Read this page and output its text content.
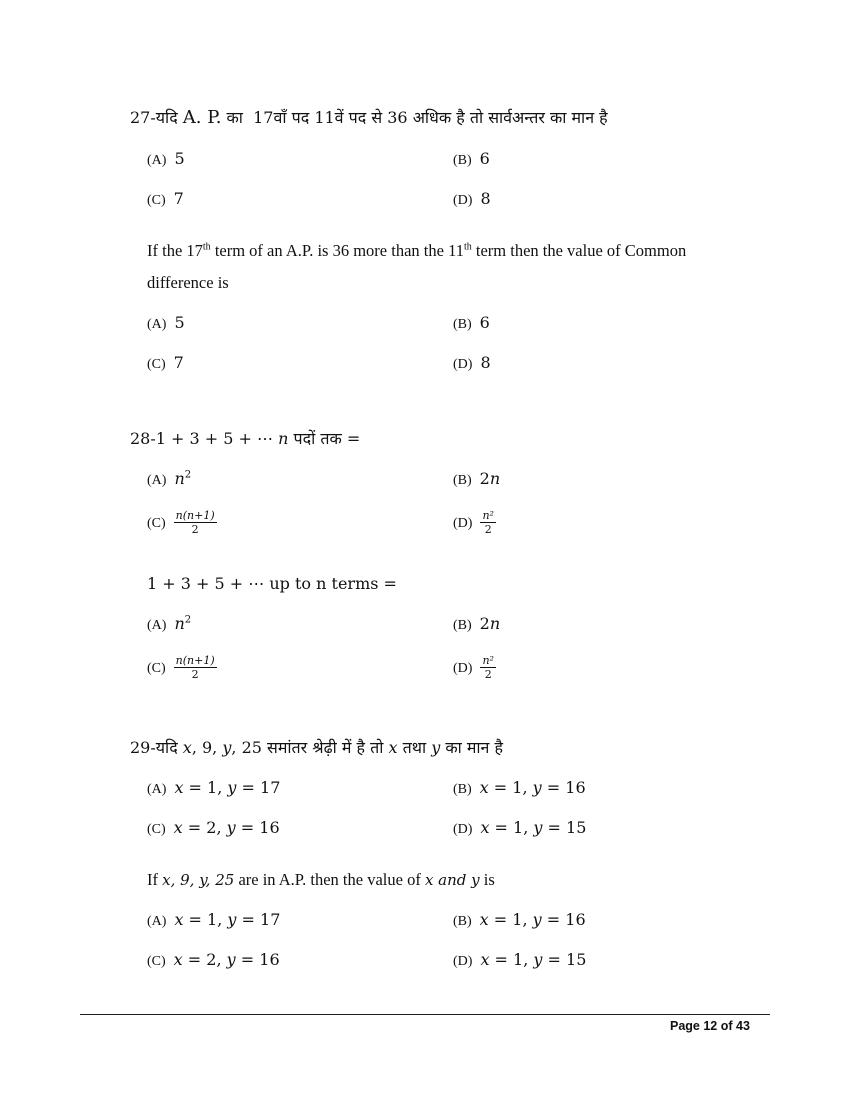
27-यदि A. P. का 17वाँ पद 11वें पद से 36 अधिक है तो सार्वअन्तर का मान है
(A) 5	(B) 6
(C) 7	(D) 8
If the 17th term of an A.P. is 36 more than the 11th term then the value of Common
difference is
(A) 5	(B) 6
(C) 7	(D) 8
28-1 + 3 + 5 + ⋯ n पदों तक =
(A) $n^2$	(B) 2n
$(C) \frac{n(n+1)}{2}$	$(D) \frac{\text{n²}}{2}$
1 + 3 + 5 + ⋯ up to n terms =
(A) $n^2$	(B) 2n
$(C) \frac{n(n+1)}{2}$	$(D) \frac{\text{n²}}{2}$
29-यदि x, 9, y, 25 समांतर श्रेढ़ी में है तो x तथा y का मान है
(A) x = 1, y = 17	(B) x = 1, y = 16
(C) x = 2, y = 16	(D) x = 1, y = 15
If x, 9, y, 25 are in A.P. then the value of x and y is
(A) x = 1, y = 17	(B) x = 1, y = 16
(C) x = 2, y = 16	(D) x = 1, y = 15
Page 12 of 43
